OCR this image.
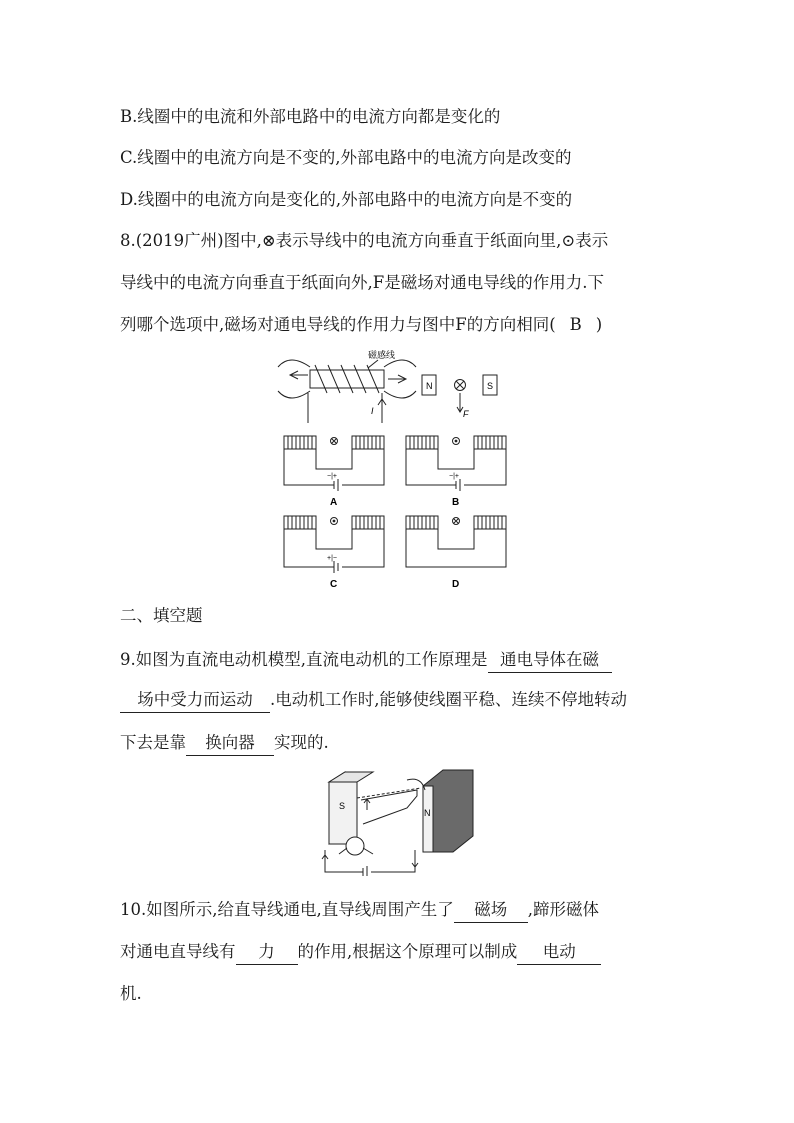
B.线圈中的电流和外部电路中的电流方向都是变化的
C.线圈中的电流方向是不变的,外部电路中的电流方向是改变的
D.线圈中的电流方向是变化的,外部电路中的电流方向是不变的
8.(2019广州)图中,⊗表示导线中的电流方向垂直于纸面向里,⊙表示
导线中的电流方向垂直于纸面向外,F是磁场对通电导线的作用力.下
列哪个选项中,磁场对通电导线的作用力与图中F的方向相同( B )
磁感线
I
N	S
F
−|+	−|+
+|−
A	B
C	D
二、填空题
9.如图为直流电动机模型,直流电动机的工作原理是 通电导体在磁
场中受力而运动 .电动机工作时,能够使线圈平稳、连续不停地转动
下去是靠 换向器 实现的.
S
N
10.如图所示,给直导线通电,直导线周围产生了 磁场 ,蹄形磁体
对通电直导线有 力 的作用,根据这个原理可以制成 电动
机.
